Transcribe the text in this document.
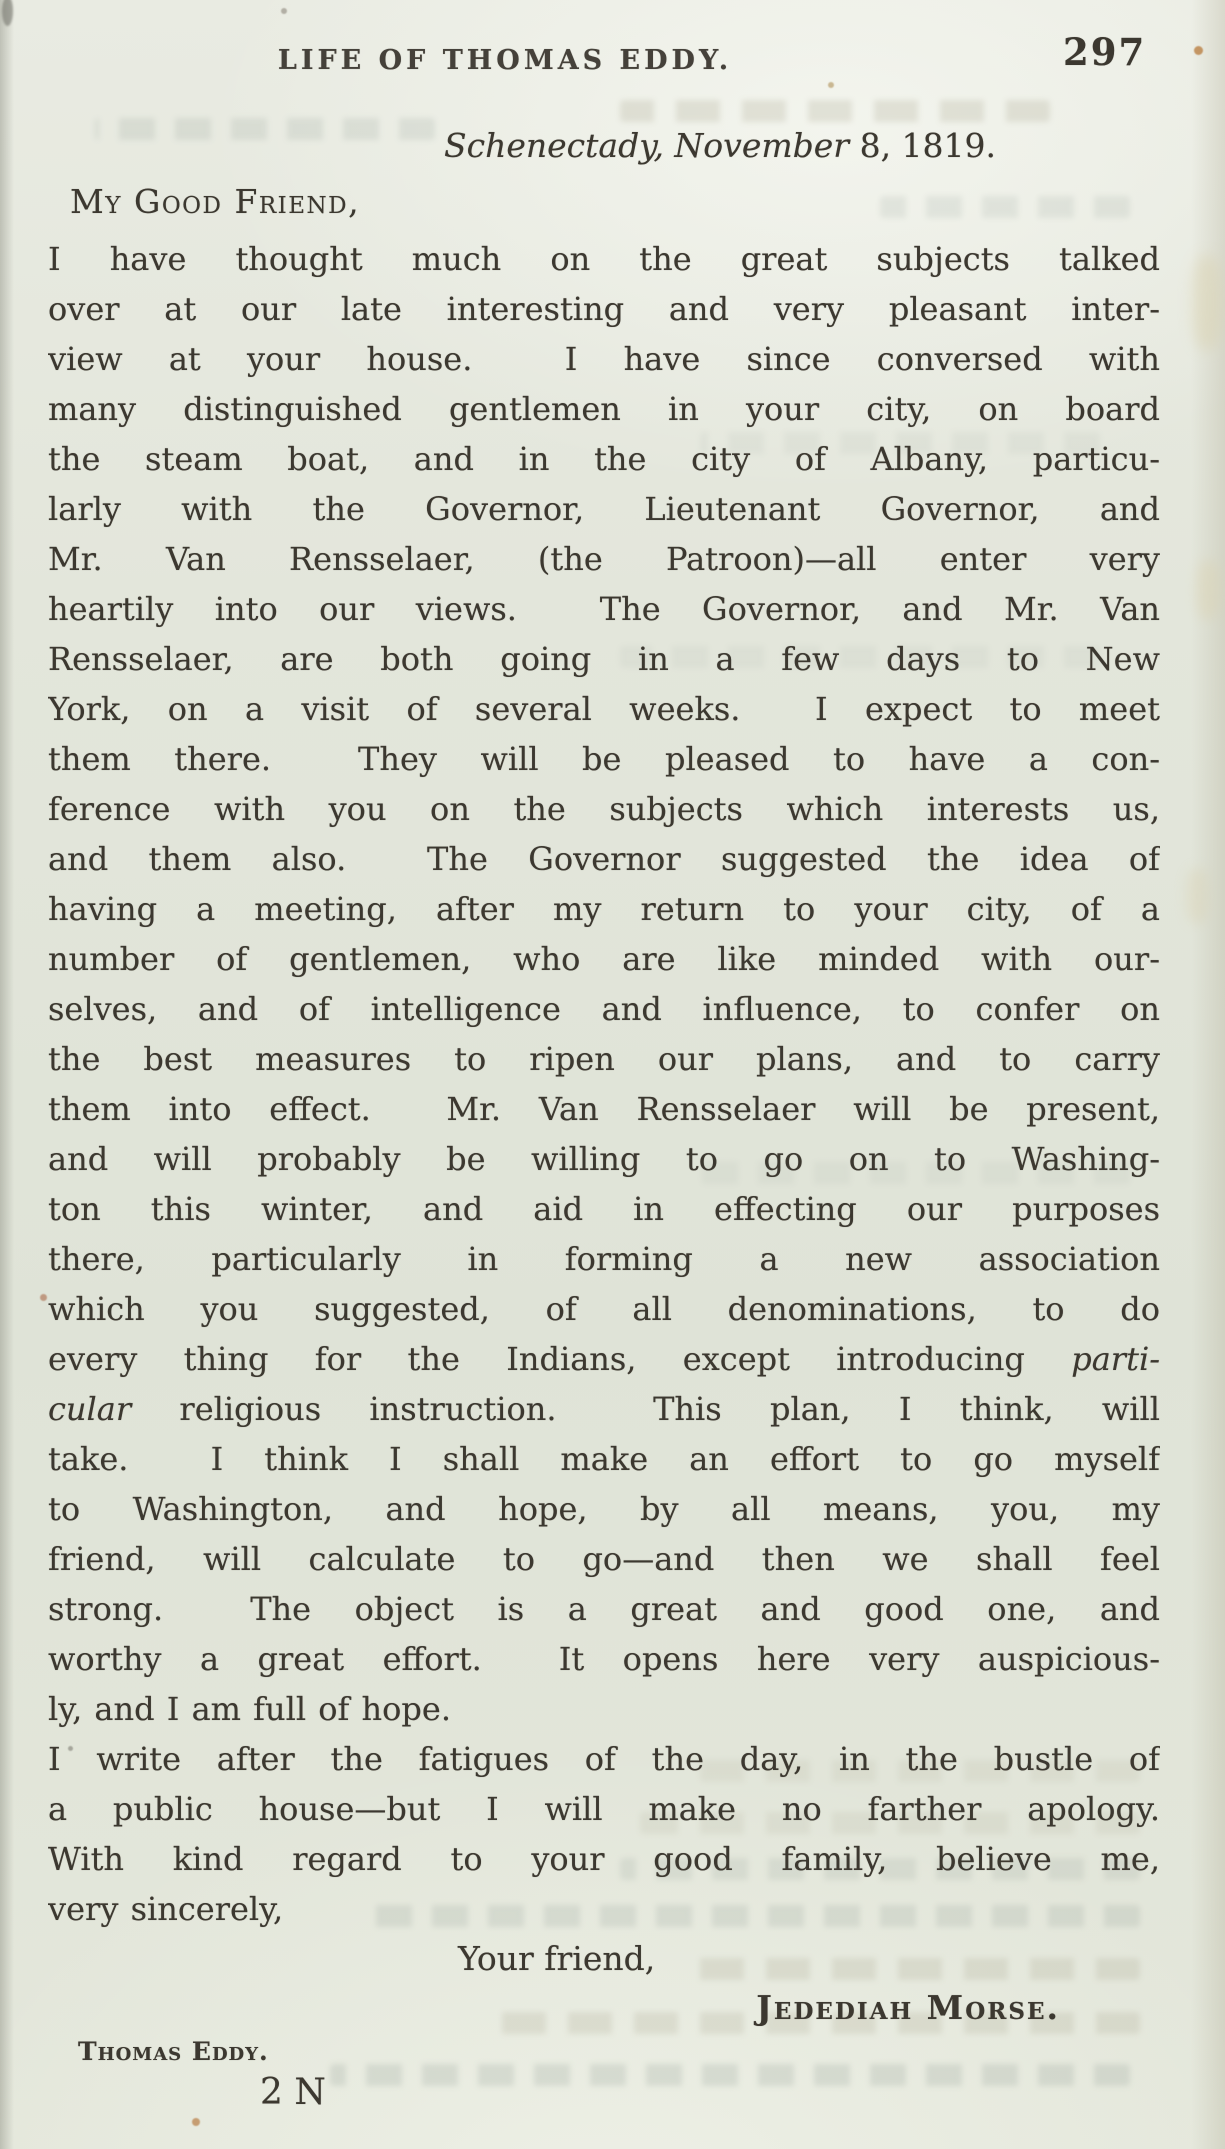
LIFE OF THOMAS EDDY.	297
Schenectady, November 8, 1819.
My Good Friend,
I have thought much on the great subjects talked
over at our late interesting and very pleasant inter-
view at your house.  I have since conversed with
many distinguished gentlemen in your city, on board
the steam boat, and in the city of Albany, particu-
larly with the Governor, Lieutenant Governor, and
Mr. Van Rensselaer, (the Patroon)—all enter very
heartily into our views.  The Governor, and Mr. Van
Rensselaer, are both going in a few days to New
York, on a visit of several weeks.  I expect to meet
them there.  They will be pleased to have a con-
ference with you on the subjects which interests us,
and them also.  The Governor suggested the idea of
having a meeting, after my return to your city, of a
number of gentlemen, who are like minded with our-
selves, and of intelligence and influence, to confer on
the best measures to ripen our plans, and to carry
them into effect.  Mr. Van Rensselaer will be present,
and will probably be willing to go on to Washing-
ton this winter, and aid in effecting our purposes
there, particularly in forming a new association
which you suggested, of all denominations, to do
every thing for the Indians, except introducing parti-
cular religious instruction.  This plan, I think, will
take.  I think I shall make an effort to go myself
to Washington, and hope, by all means, you, my
friend, will calculate to go—and then we shall feel
strong.  The object is a great and good one, and
worthy a great effort.  It opens here very auspicious-
ly, and I am full of hope.
I write after the fatigues of the day, in the bustle of
a public house—but I will make no farther apology.
With kind regard to your good family, believe me,
very sincerely,
Your friend,
Jedediah Morse.
Thomas Eddy.
2 N
